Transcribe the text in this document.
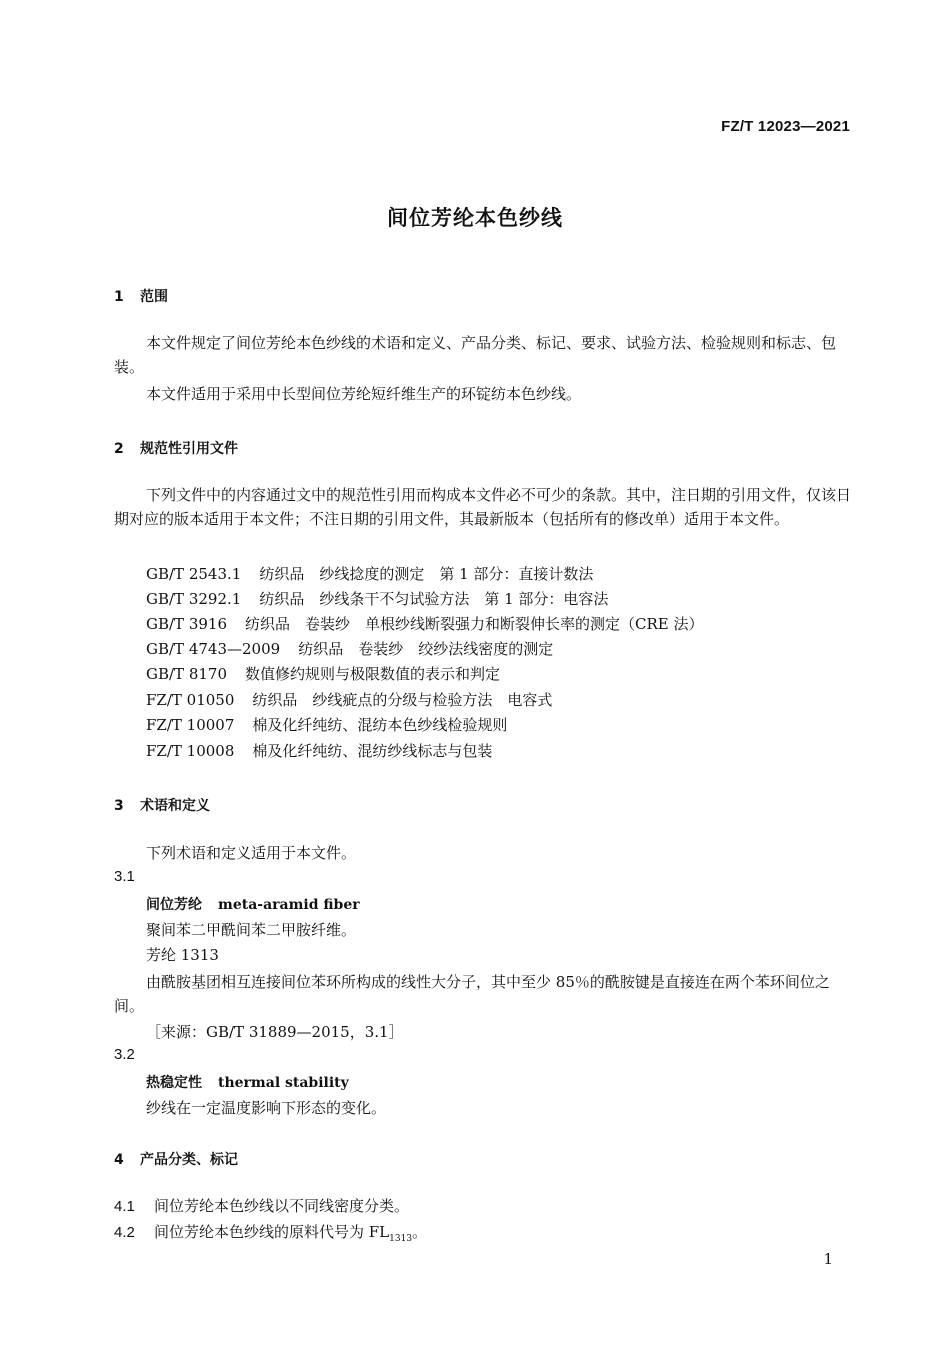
FZ/T 12023—2021
间位芳纶本色纱线
1 范围
本文件规定了间位芳纶本色纱线的术语和定义、产品分类、标记、要求、试验方法、检验规则和标志、包装。
本文件适用于采用中长型间位芳纶短纤维生产的环锭纺本色纱线。
2 规范性引用文件
下列文件中的内容通过文中的规范性引用而构成本文件必不可少的条款。其中，注日期的引用文件，仅该日期对应的版本适用于本文件；不注日期的引用文件，其最新版本（包括所有的修改单）适用于本文件。
GB/T 2543.1 纺织品　纱线捻度的测定　第 1 部分：直接计数法
GB/T 3292.1 纺织品　纱线条干不匀试验方法　第 1 部分：电容法
GB/T 3916 纺织品　卷装纱　单根纱线断裂强力和断裂伸长率的测定（CRE 法）
GB/T 4743—2009 纺织品　卷装纱　绞纱法线密度的测定
GB/T 8170 数值修约规则与极限数值的表示和判定
FZ/T 01050 纺织品　纱线疵点的分级与检验方法　电容式
FZ/T 10007 棉及化纤纯纺、混纺本色纱线检验规则
FZ/T 10008 棉及化纤纯纺、混纺纱线标志与包装
3 术语和定义
下列术语和定义适用于本文件。
3.1
间位芳纶 meta-aramid fiber
聚间苯二甲酰间苯二甲胺纤维。
芳纶 1313
由酰胺基团相互连接间位苯环所构成的线性大分子，其中至少 85％的酰胺键是直接连在两个苯环间位之间。
［来源：GB/T 31889—2015，3.1］
3.2
热稳定性 thermal stability
纱线在一定温度影响下形态的变化。
4 产品分类、标记
4.1 间位芳纶本色纱线以不同线密度分类。
4.2 间位芳纶本色纱线的原料代号为 $FL_{1313}$。
1
